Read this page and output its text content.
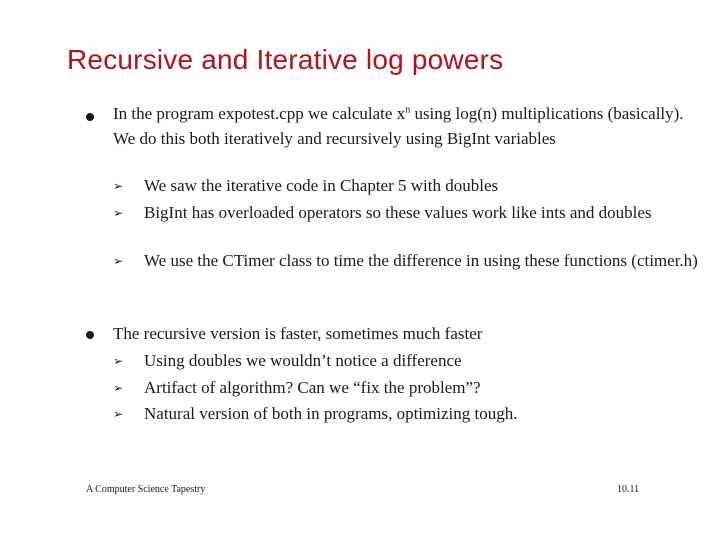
Recursive and Iterative log powers
In the program expotest.cpp we calculate $x^n$ using log(n) multiplications (basically). We do this both iteratively and recursively using BigInt variables
➢	We saw the iterative code in Chapter 5 with doubles
➢	BigInt has overloaded operators so these values work like ints and doubles
➢	We use the CTimer class to time the difference in using these functions (ctimer.h)
The recursive version is faster, sometimes much faster
➢	Using doubles we wouldn’t notice a difference
➢	Artifact of algorithm? Can we “fix the problem”?
➢	Natural version of both in programs, optimizing tough.
A Computer Science Tapestry	10.11
